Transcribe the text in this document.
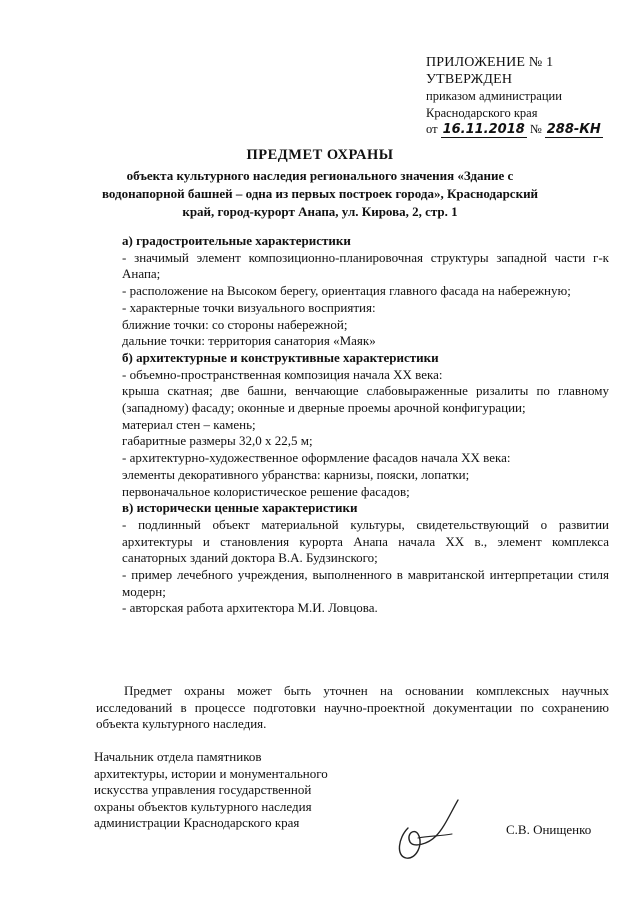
ПРИЛОЖЕНИЕ № 1
УТВЕРЖДЕН
приказом администрации
Краснодарского края
от 16.11.2018 № 288-КН
ПРЕДМЕТ ОХРАНЫ
объекта культурного наследия регионального значения «Здание с водонапорной башней – одна из первых построек города», Краснодарский край, город-курорт Анапа, ул. Кирова, 2, стр. 1

а) градостроительные характеристики

- значимый элемент композиционно-планировочная структуры западной части г-к Анапа;

- расположение на Высоком берегу, ориентация главного фасада на набережную;

- характерные точки визуального восприятия:

ближние точки: со стороны набережной;

дальние точки: территория санатория «Маяк»

б) архитектурные и конструктивные характеристики

- объемно-пространственная композиция начала XX века:

крыша скатная; две башни, венчающие слабовыраженные ризалиты по главному (западному) фасаду; оконные и дверные проемы арочной конфигурации;

материал стен – камень;

габаритные размеры 32,0 х 22,5 м;

- архитектурно-художественное оформление фасадов начала XX века:

элементы декоративного убранства: карнизы, пояски, лопатки;

первоначальное колористическое решение фасадов;

в) исторически ценные характеристики

- подлинный объект материальной культуры, свидетельствующий о развитии архитектуры и становления курорта Анапа начала XX в., элемент комплекса санаторных зданий доктора В.А. Будзинского;

- пример лечебного учреждения, выполненного в мавританской интерпретации стиля модерн;

- авторская работа архитектора М.И. Ловцова.

Предмет охраны может быть уточнен на основании комплексных научных исследований в процессе подготовки научно-проектной документации по сохранению объекта культурного наследия.

Начальник отдела памятников
архитектуры, истории и монументального
искусства управления государственной
охраны объектов культурного наследия
администрации Краснодарского края	С.В. Онищенко
